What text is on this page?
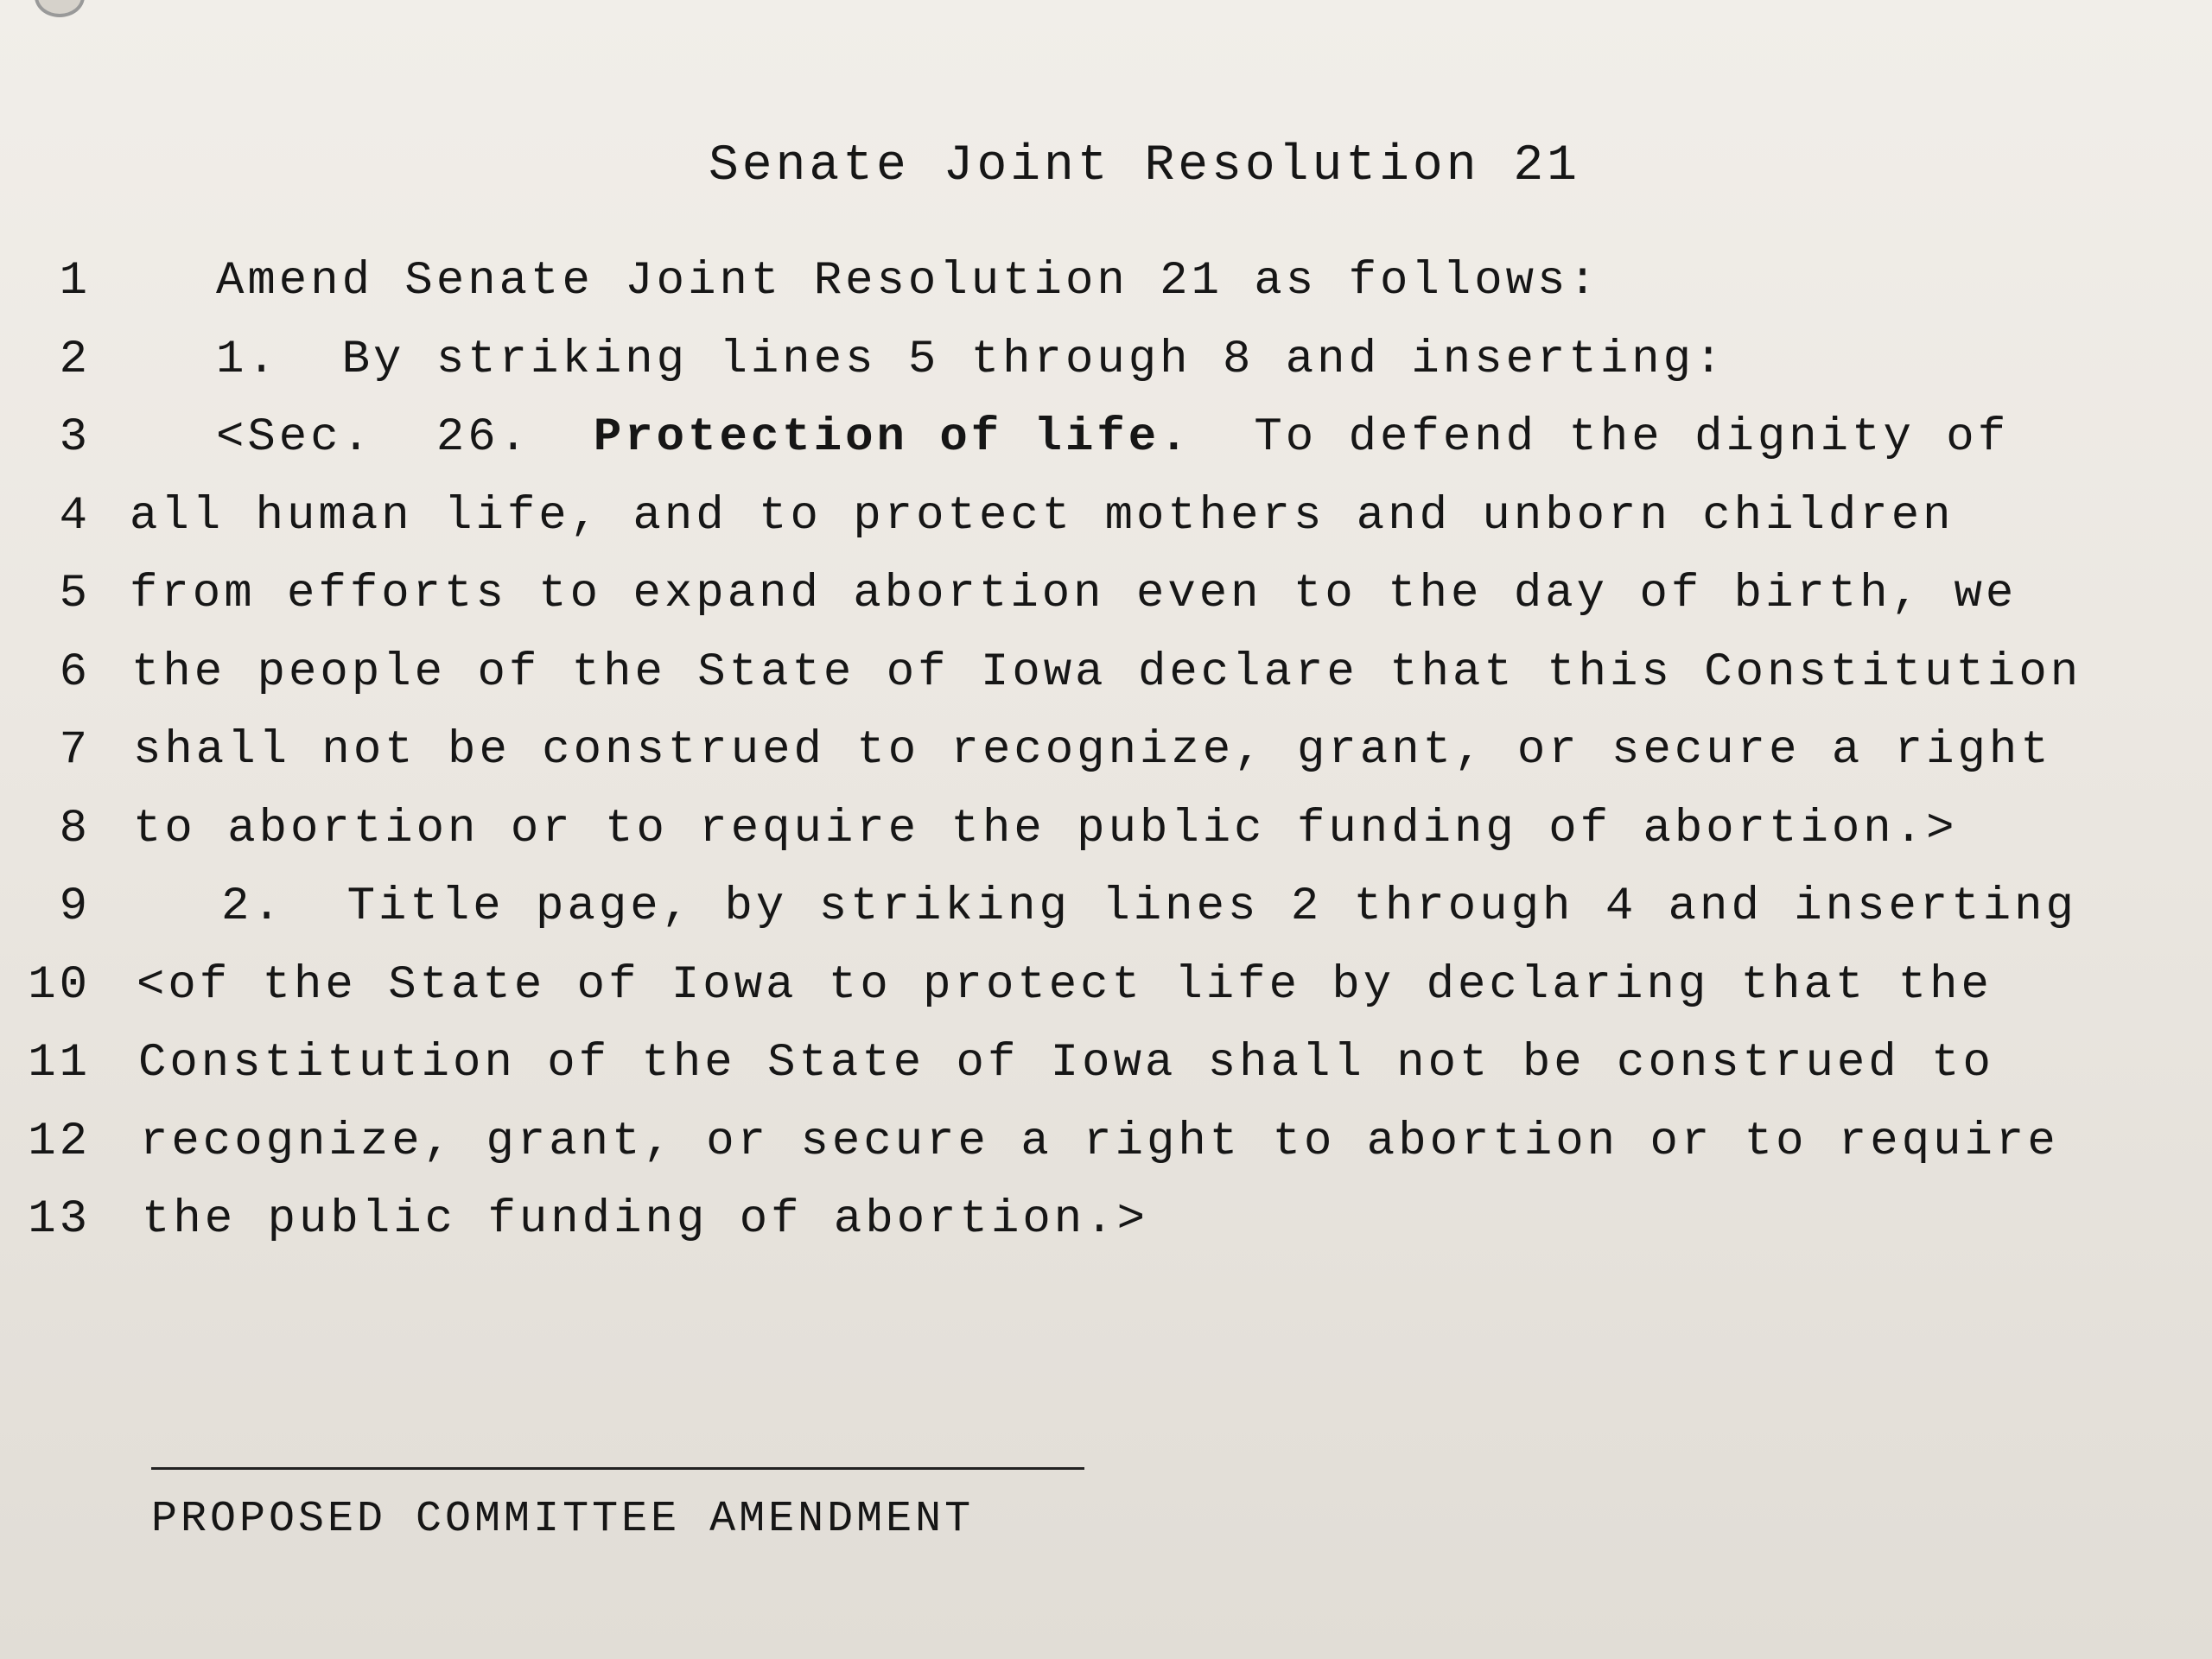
Senate Joint Resolution 21
1	Amend Senate Joint Resolution 21 as follows:
2	1.  By striking lines 5 through 8 and inserting:
3	<Sec.  26.  Protection of life.  To defend the dignity of
4 all human life, and to protect mothers and unborn children
5 from efforts to expand abortion even to the day of birth, we
6 the people of the State of Iowa declare that this Constitution
7 shall not be construed to recognize, grant, or secure a right
8 to abortion or to require the public funding of abortion.>
9	2.  Title page, by striking lines 2 through 4 and inserting
10 <of the State of Iowa to protect life by declaring that the
11 Constitution of the State of Iowa shall not be construed to
12 recognize, grant, or secure a right to abortion or to require
13 the public funding of abortion.>
PROPOSED COMMITTEE AMENDMENT
